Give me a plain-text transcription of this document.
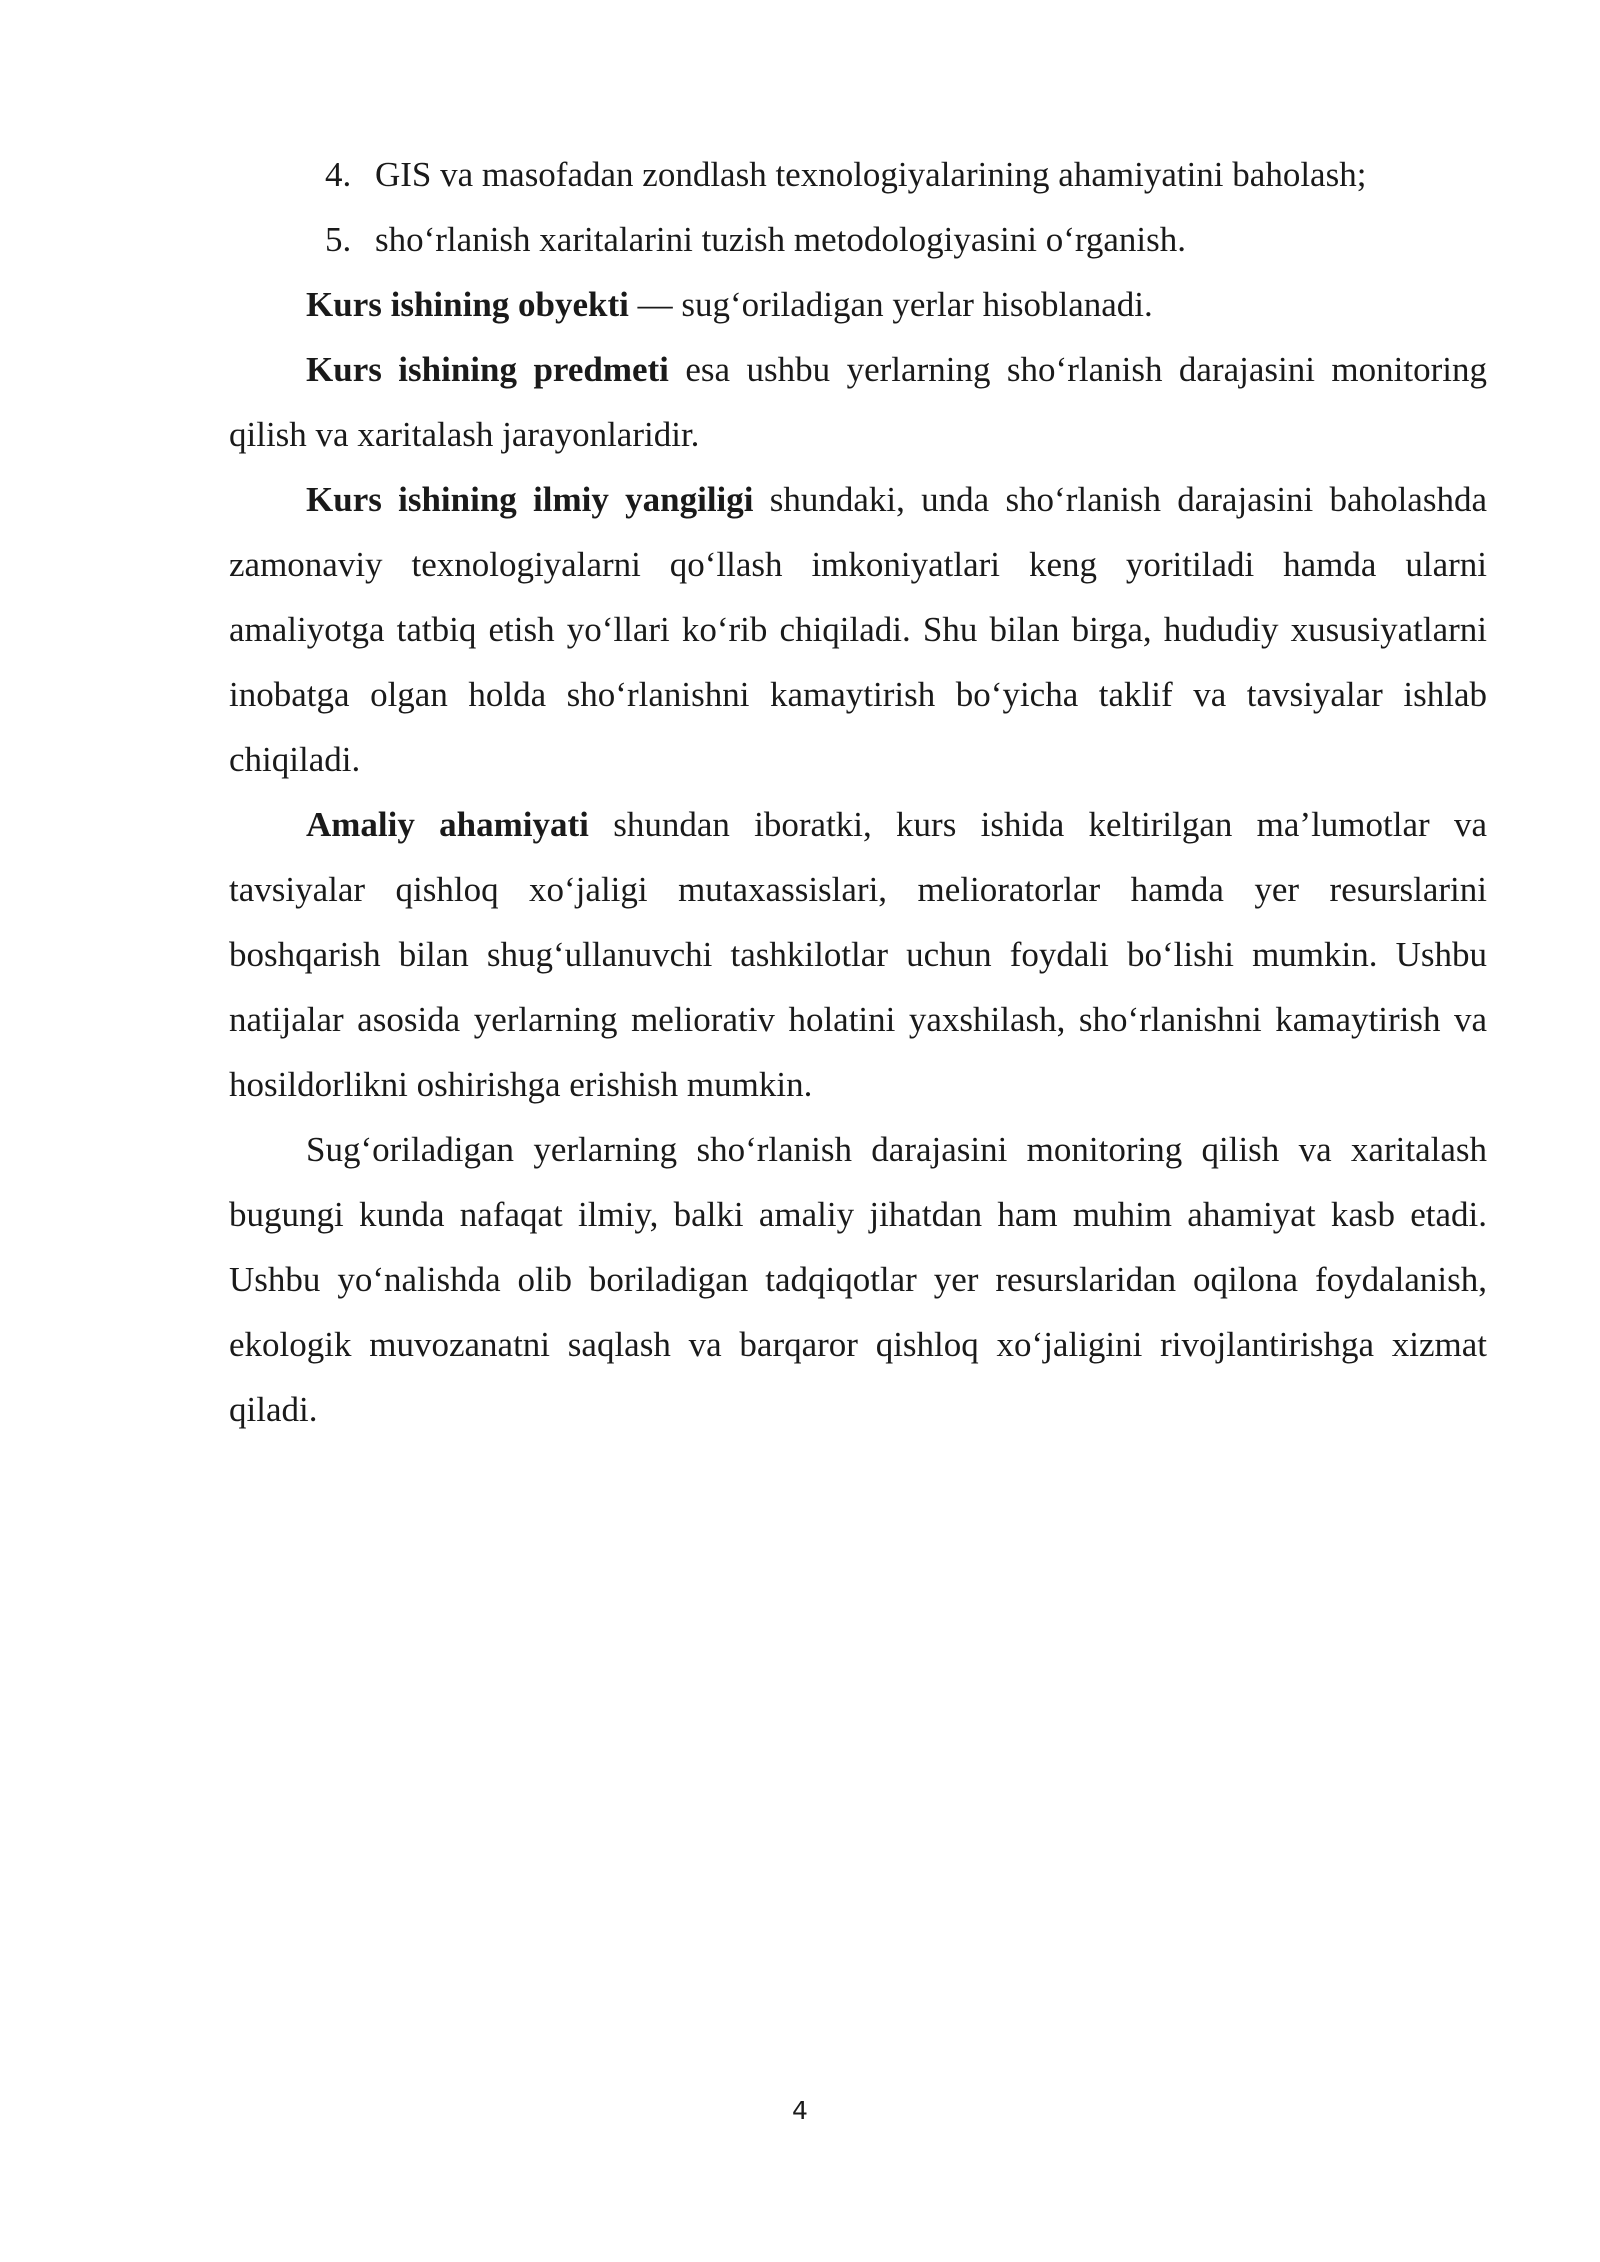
4. GIS va masofadan zondlash texnologiyalarining ahamiyatini baholash;
5. sho‘rlanish xaritalarini tuzish metodologiyasini o‘rganish.

Kurs ishining obyekti — sug‘oriladigan yerlar hisoblanadi.

Kurs ishining predmeti esa ushbu yerlarning sho‘rlanish darajasini monitoring qilish va xaritalash jarayonlaridir.

Kurs ishining ilmiy yangiligi shundaki, unda sho‘rlanish darajasini baholashda zamonaviy texnologiyalarni qo‘llash imkoniyatlari keng yoritiladi hamda ularni amaliyotga tatbiq etish yo‘llari ko‘rib chiqiladi. Shu bilan birga, hududiy xususiyatlarni inobatga olgan holda sho‘rlanishni kamaytirish bo‘yicha taklif va tavsiyalar ishlab chiqiladi.

Amaliy ahamiyati shundan iboratki, kurs ishida keltirilgan ma’lumotlar va tavsiyalar qishloq xo‘jaligi mutaxassislari, melioratorlar hamda yer resurslarini boshqarish bilan shug‘ullanuvchi tashkilotlar uchun foydali bo‘lishi mumkin. Ushbu natijalar asosida yerlarning meliorativ holatini yaxshilash, sho‘rlanishni kamaytirish va hosildorlikni oshirishga erishish mumkin.

Sug‘oriladigan yerlarning sho‘rlanish darajasini monitoring qilish va xaritalash bugungi kunda nafaqat ilmiy, balki amaliy jihatdan ham muhim ahamiyat kasb etadi. Ushbu yo‘nalishda olib boriladigan tadqiqotlar yer resurslaridan oqilona foydalanish, ekologik muvozanatni saqlash va barqaror qishloq xo‘jaligini rivojlantirishga xizmat qiladi.

4
